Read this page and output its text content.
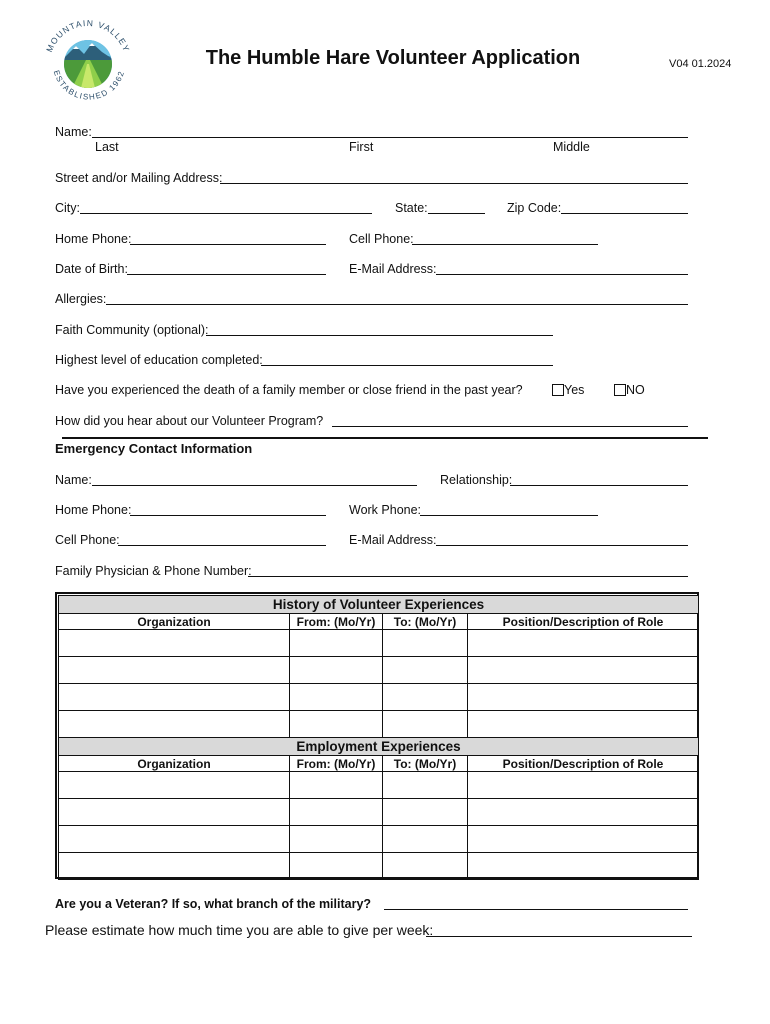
MOUNTAIN VALLEY
ESTABLISHED 1962
The Humble Hare Volunteer Application	V04 01.2024
Name:
Last	First	Middle
Street and/or Mailing Address:
City:	State:	Zip Code:
Home Phone:	Cell Phone:
Date of Birth:	E-Mail Address:
Allergies:
Faith Community (optional):
Highest level of education completed:
Have you experienced the death of a family member or close friend in the past year?	Yes	NO
How did you hear about our Volunteer Program?
Emergency Contact Information
Name:	Relationship:
Home Phone:	Work Phone:
Cell Phone:	E-Mail Address:
Family Physician & Phone Number:
History of Volunteer Experiences			
Organization	From: (Mo/Yr)	To: (Mo/Yr)	Position/Description of Role

Employment Experiences			
Organization	From: (Mo/Yr)	To: (Mo/Yr)	Position/Description of Role

Are you a Veteran? If so, what branch of the military?
Please estimate how much time you are able to give per week:
